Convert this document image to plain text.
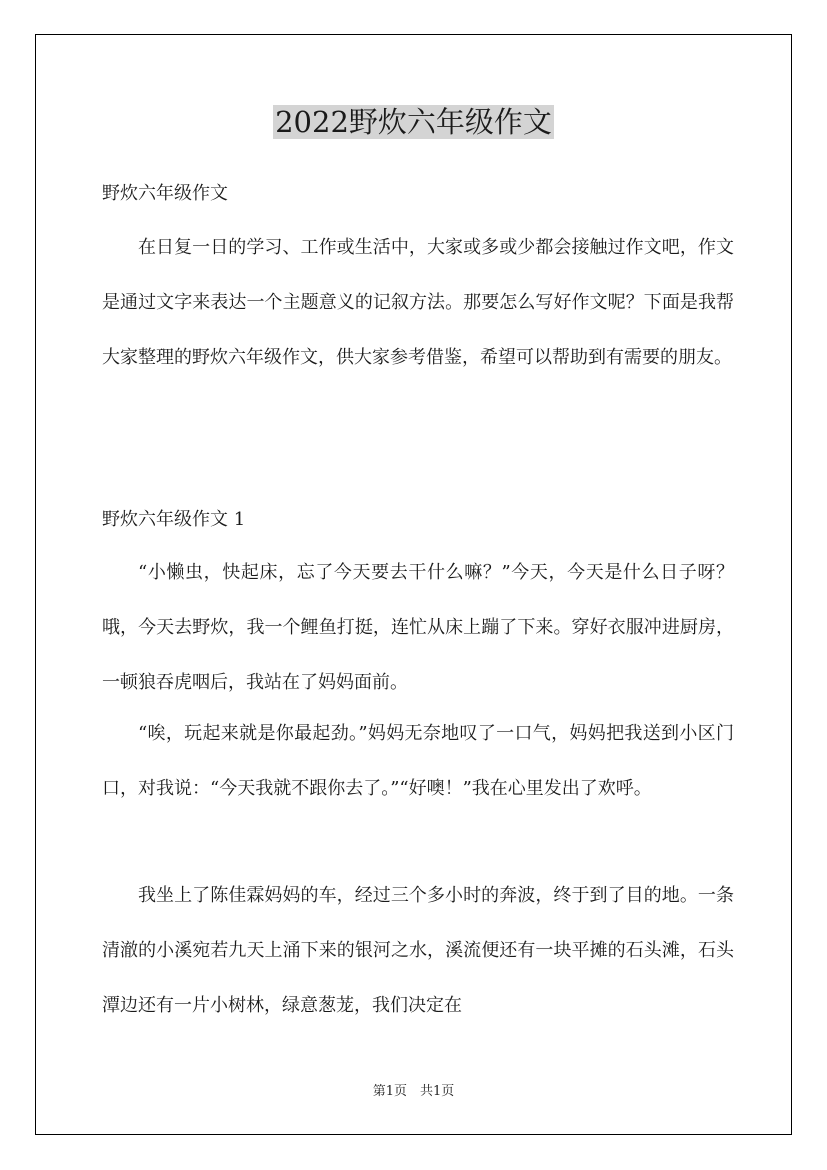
2022野炊六年级作文
野炊六年级作文

在日复一日的学习、工作或生活中，大家或多或少都会接触过作文吧，作文是通过文字来表达一个主题意义的记叙方法。那要怎么写好作文呢？下面是我帮大家整理的野炊六年级作文，供大家参考借鉴，希望可以帮助到有需要的朋友。

野炊六年级作文 1

“小懒虫，快起床，忘了今天要去干什么嘛？”今天，今天是什么日子呀？哦，今天去野炊，我一个鲤鱼打挺，连忙从床上蹦了下来。穿好衣服冲进厨房，一顿狼吞虎咽后，我站在了妈妈面前。

“唉，玩起来就是你最起劲。”妈妈无奈地叹了一口气，妈妈把我送到小区门口，对我说：“今天我就不跟你去了。”“好噢！”我在心里发出了欢呼。

我坐上了陈佳霖妈妈的车，经过三个多小时的奔波，终于到了目的地。一条清澈的小溪宛若九天上涌下来的银河之水，溪流便还有一块平摊的石头滩，石头潭边还有一片小树林，绿意葱茏，我们决定在

第1页　共1页
